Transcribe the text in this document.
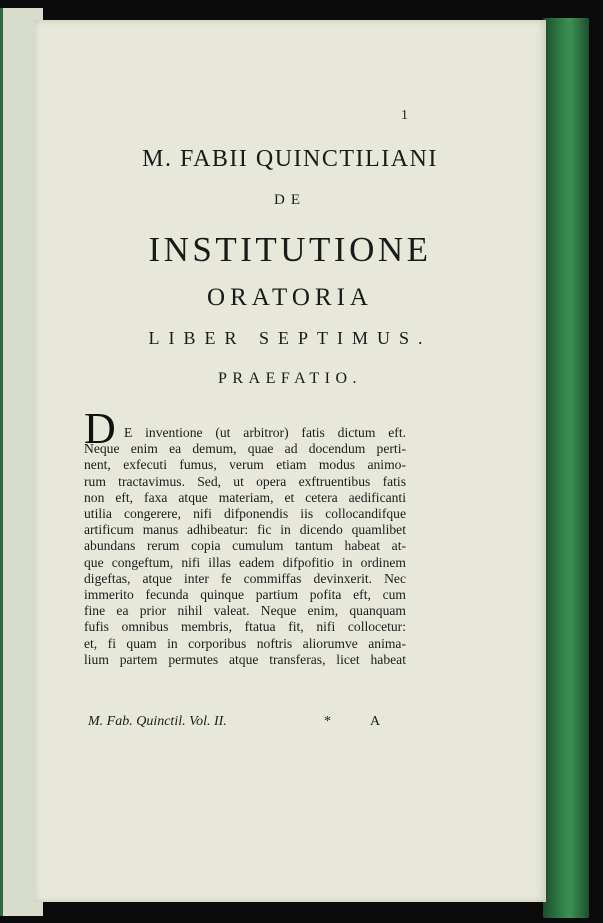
1
M. FABII QUINCTILIANI
DE
INSTITUTIONE
ORATORIA
LIBER SEPTIMUS.
PRAEFATIO.
D E inventione (ut arbitror) fatis dictum eft.
Neque enim ea demum, quae ad docendum perti-
nent, exfecuti fumus, verum etiam modus animo-
rum tractavimus. Sed, ut opera exftruentibus fatis
non eft, faxa atque materiam, et cetera aedificanti
utilia congerere, nifi difponendis iis collocandifque
artificum manus adhibeatur: fic in dicendo quamlibet
abundans rerum copia cumulum tantum habeat at-
que congeftum, nifi illas eadem difpofitio in ordinem
digeftas, atque inter fe commiffas devinxerit. Nec
immerito fecunda quinque partium pofita eft, cum
fine ea prior nihil valeat. Neque enim, quanquam
fufis omnibus membris, ftatua fit, nifi collocetur:
et, fi quam in corporibus noftris aliorumve anima-
lium partem permutes atque transferas, licet habeat
M. Fab. Quinctil. Vol. II.	*	A
